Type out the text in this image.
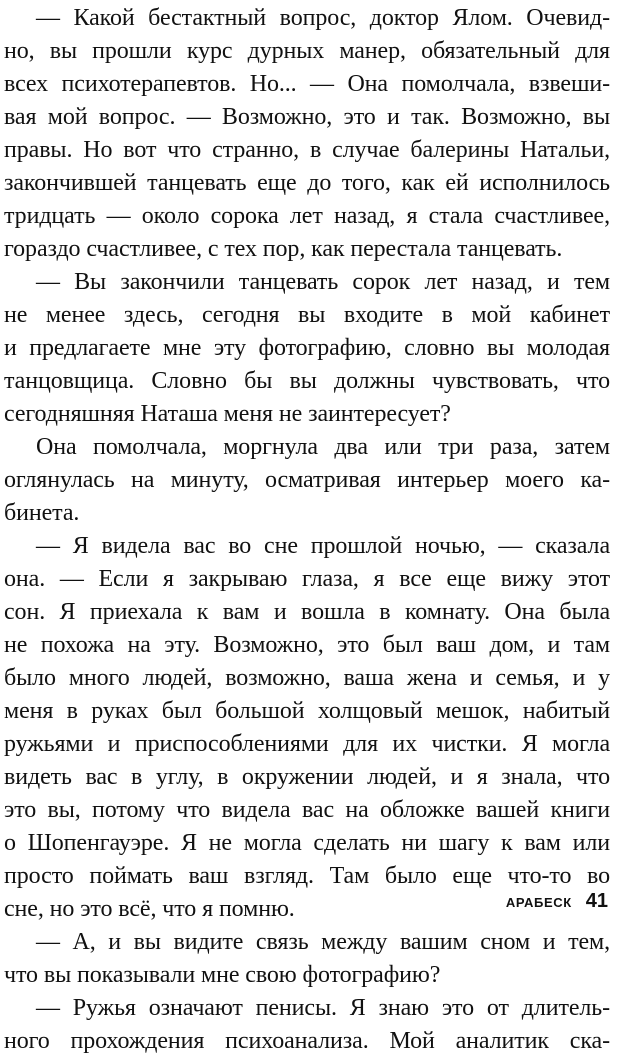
— Какой бестактный вопрос, доктор Ялом. Очевид-
но, вы прошли курс дурных манер, обязательный для
всех психотерапевтов. Но... — Она помолчала, взвеши-
вая мой вопрос. — Возможно, это и так. Возможно, вы
правы. Но вот что странно, в случае балерины Натальи,
закончившей танцевать еще до того, как ей исполнилось
тридцать — около сорока лет назад, я стала счастливее,
гораздо счастливее, с тех пор, как перестала танцевать.
— Вы закончили танцевать сорок лет назад, и тем
не менее здесь, сегодня вы входите в мой кабинет
и предлагаете мне эту фотографию, словно вы молодая
танцовщица. Словно бы вы должны чувствовать, что
сегодняшняя Наташа меня не заинтересует?
Она помолчала, моргнула два или три раза, затем
оглянулась на минуту, осматривая интерьер моего ка-
бинета.
— Я видела вас во сне прошлой ночью, — сказала
она. — Если я закрываю глаза, я все еще вижу этот
сон. Я приехала к вам и вошла в комнату. Она была
не похожа на эту. Возможно, это был ваш дом, и там
было много людей, возможно, ваша жена и семья, и у
меня в руках был большой холщовый мешок, набитый
ружьями и приспособлениями для их чистки. Я могла
видеть вас в углу, в окружении людей, и я знала, что
это вы, потому что видела вас на обложке вашей книги
о Шопенгауэре. Я не могла сделать ни шагу к вам или
просто поймать ваш взгляд. Там было еще что-то во
сне, но это всё, что я помню.
— А, и вы видите связь между вашим сном и тем,
что вы показывали мне свою фотографию?
— Ружья означают пенисы. Я знаю это от длитель-
ного прохождения психоанализа. Мой аналитик ска-
АРАБЕСК 41
